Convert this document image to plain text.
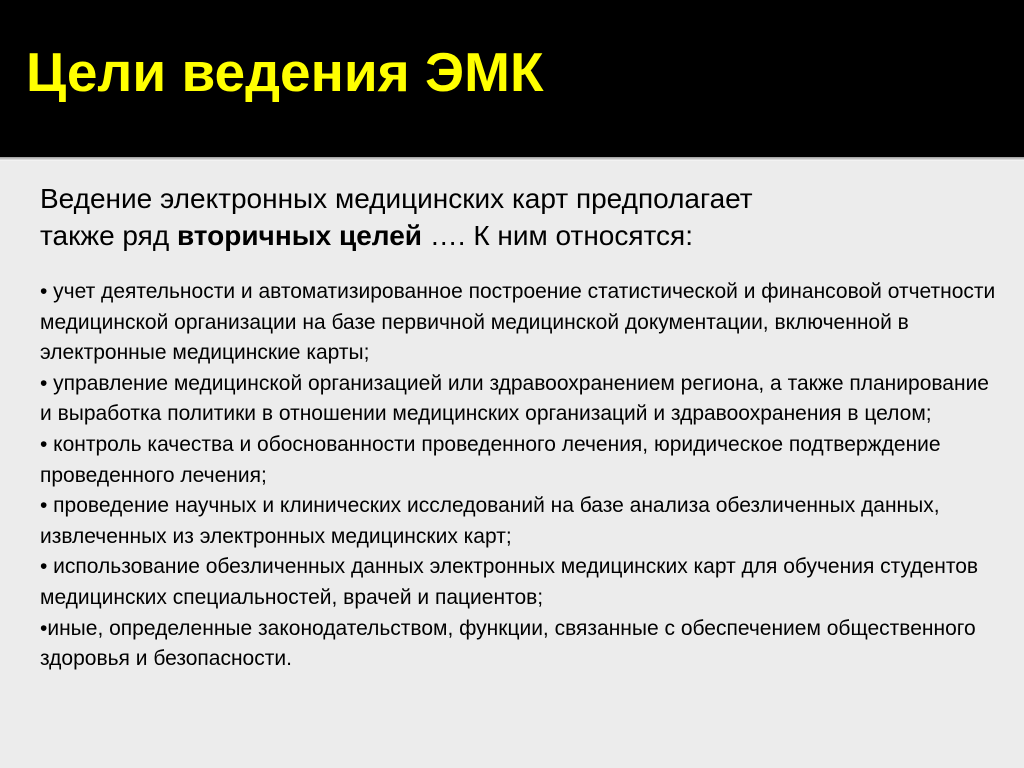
Цели ведения ЭМК

Ведение электронных медицинских карт предполагает
также ряд вторичных целей …. К ним относятся:

• учет деятельности и автоматизированное построение статистической и финансовой отчетности медицинской организации на базе первичной медицинской документации, включенной в электронные медицинские карты;
• управление медицинской организацией или здравоохранением региона, а также планирование и выработка политики в отношении медицинских организаций и здравоохранения в целом;
• контроль качества и обоснованности проведенного лечения, юридическое подтверждение проведенного лечения;
• проведение научных и клинических исследований на базе анализа обезличенных данных, извлеченных из электронных медицинских карт;
• использование обезличенных данных электронных медицинских карт для обучения студентов медицинских специальностей, врачей и пациентов;
•иные, определенные законодательством, функции, связанные с обеспечением общественного здоровья и безопасности.
